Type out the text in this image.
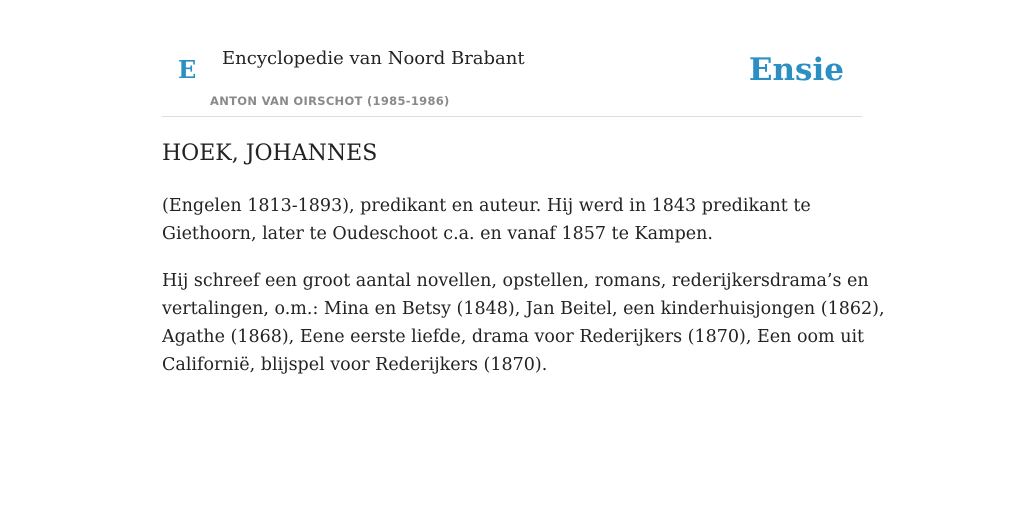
E Encyclopedie van Noord Brabant
ANTON VAN OIRSCHOT (1985-1986)
Ensie
HOEK, JOHANNES

(Engelen 1813-1893), predikant en auteur. Hij werd in 1843 predikant te
Giethoorn, later te Oudeschoot c.a. en vanaf 1857 te Kampen.

Hij schreef een groot aantal novellen, opstellen, romans, rederijkersdrama’s en
vertalingen, o.m.: Mina en Betsy (1848), Jan Beitel, een kinderhuisjongen (1862),
Agathe (1868), Eene eerste liefde, drama voor Rederijkers (1870), Een oom uit
Californië, blijspel voor Rederijkers (1870).
